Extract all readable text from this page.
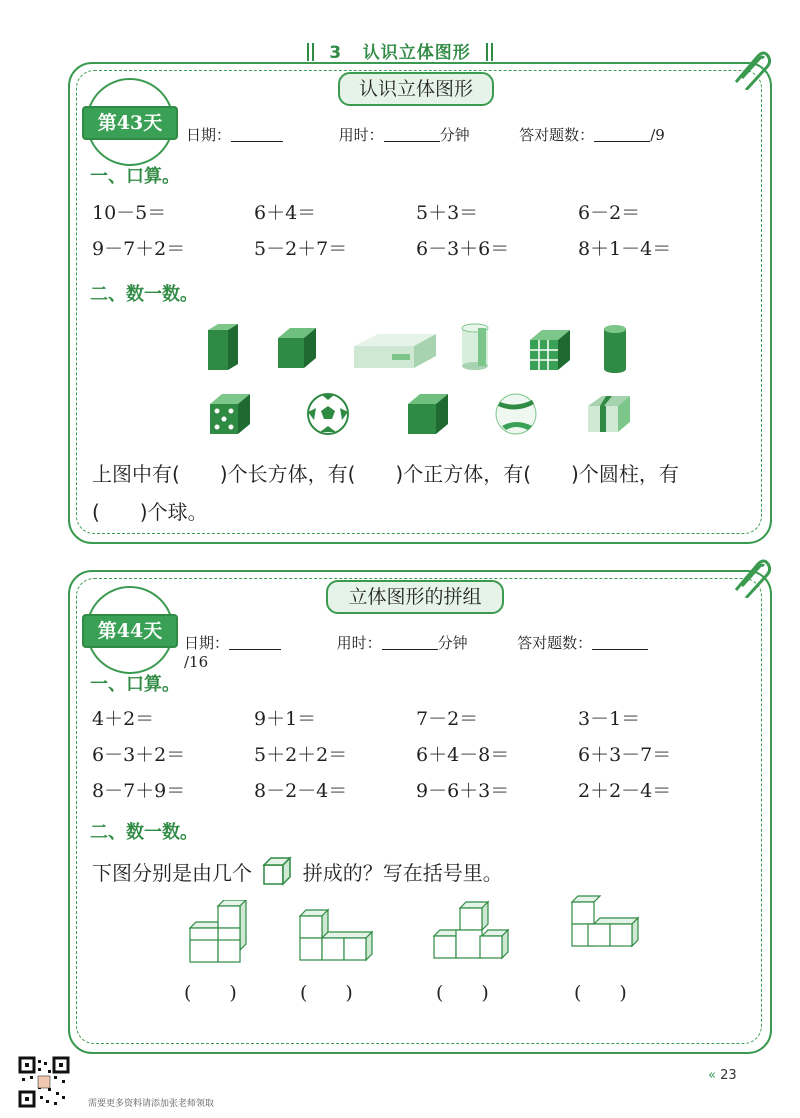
3 认识立体图形
认识立体图形
第43天
日期：	用时：	分钟	答对题数：	/9
一、口算。
10－5＝	6＋4＝	5＋3＝	6－2＝
9－7＋2＝	5－2＋7＝	6－3＋6＝	8＋1－4＝
二、数一数。
上图中有(　　)个长方体，有(　　)个正方体，有(　　)个圆柱，有
(　　)个球。
立体图形的拼组
第44天
日期：	用时：	分钟	答对题数：/16
一、口算。
4＋2＝	9＋1＝	7－2＝	3－1＝
6－3＋2＝	5＋2＋2＝	6＋4－8＝	6＋3－7＝
8－7＋9＝	8－2－4＝	9－6＋3＝	2＋2－4＝
二、数一数。
下图分别是由几个	拼成的？写在括号里。
(　　)	(　　)	(　　)	(　　)
需要更多资料请添加张老师领取
« 23
